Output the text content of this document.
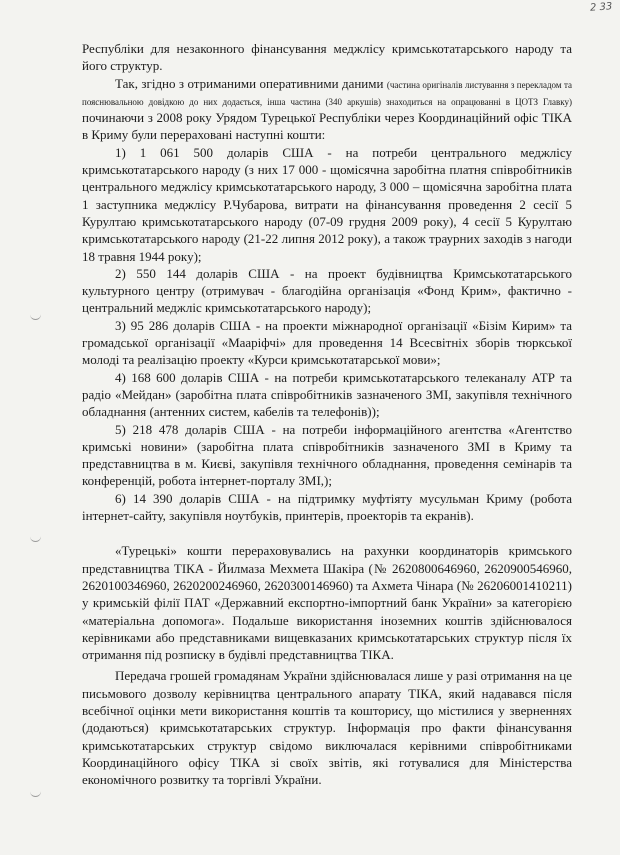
2 33

Республіки для незаконного фінансування меджлісу кримськотатарського народу та його структур.

Так, згідно з отриманими оперативними даними (частина оригіналів листування з перекладом та пояснювальною довідкою до них додається, інша частина (340 аркушів) знаходиться на опрацюванні в ЦОТЗ Главку) починаючи з 2008 року Урядом Турецької Республіки через Координаційний офіс ТІКА в Криму були перераховані наступні кошти:

1) 1 061 500 доларів США - на потреби центрального меджлісу кримськотатарського народу (з них 17 000 - щомісячна заробітна платня співробітників центрального меджлісу кримськотатарського народу, 3 000 – щомісячна заробітна плата 1 заступника меджлісу Р.Чубарова, витрати на фінансування проведення 2 сесії 5 Курултаю кримськотатарського народу (07-09 грудня 2009 року), 4 сесії 5 Курултаю кримськотатарського народу (21-22 липня 2012 року), а також траурних заходів з нагоди 18 травня 1944 року);

2) 550 144 доларів США - на проект будівництва Кримськотатарського культурного центру (отримувач - благодійна організація «Фонд Крим», фактично - центральний меджліс кримськотатарського народу);

3) 95 286 доларів США - на проекти міжнародної організації «Бізім Кирим» та громадської організації «Маарiфчi» для проведення 14 Всесвітніх зборів тюркської молоді та реалізацію проекту «Курси кримськотатарської мови»;

4) 168 600 доларів США - на потреби кримськотатарського телеканалу АТР та радіо «Мейдан» (заробітна плата співробітників зазначеного ЗМІ, закупівля технічного обладнання (антенних систем, кабелів та телефонів));

5) 218 478 доларів США - на потреби інформаційного агентства «Агентство кримські новини» (заробітна плата співробітників зазначеного ЗМІ в Криму та представництва в м. Києві, закупівля технічного обладнання, проведення семінарів та конференцій, робота інтернет-порталу ЗМІ,);

6) 14 390 доларів США - на підтримку муфтіяту мусульман Криму (робота інтернет-сайту, закупівля ноутбуків, принтерів, проекторів та екранів).

«Турецькі» кошти перераховувались на рахунки координаторів кримського представництва ТІКА - Йилмаза Мехмета Шакіра (№ 2620800646960, 2620900546960, 2620100346960, 2620200246960, 2620300146960) та Ахмета Чінара (№ 26206001410211) у кримській філії ПАТ «Державний експортно-імпортний банк України» за категорією «матеріальна допомога». Подальше використання іноземних коштів здійснювалося керівниками або представниками вищевказаних кримськотатарських структур після їх отримання під розписку в будівлі представництва ТІКА.

Передача грошей громадянам України здійснювалася лише у разі отримання на це письмового дозволу керівництва центрального апарату ТІКА, який надавався після всебічної оцінки мети використання коштів та кошторису, що містилися у зверненнях (додаються) кримськотатарських структур. Інформація про факти фінансування кримськотатарських структур свідомо виключалася керівними співробітниками Координаційного офісу ТІКА зі своїх звітів, які готувалися для Міністерства економічного розвитку та торгівлі України.
